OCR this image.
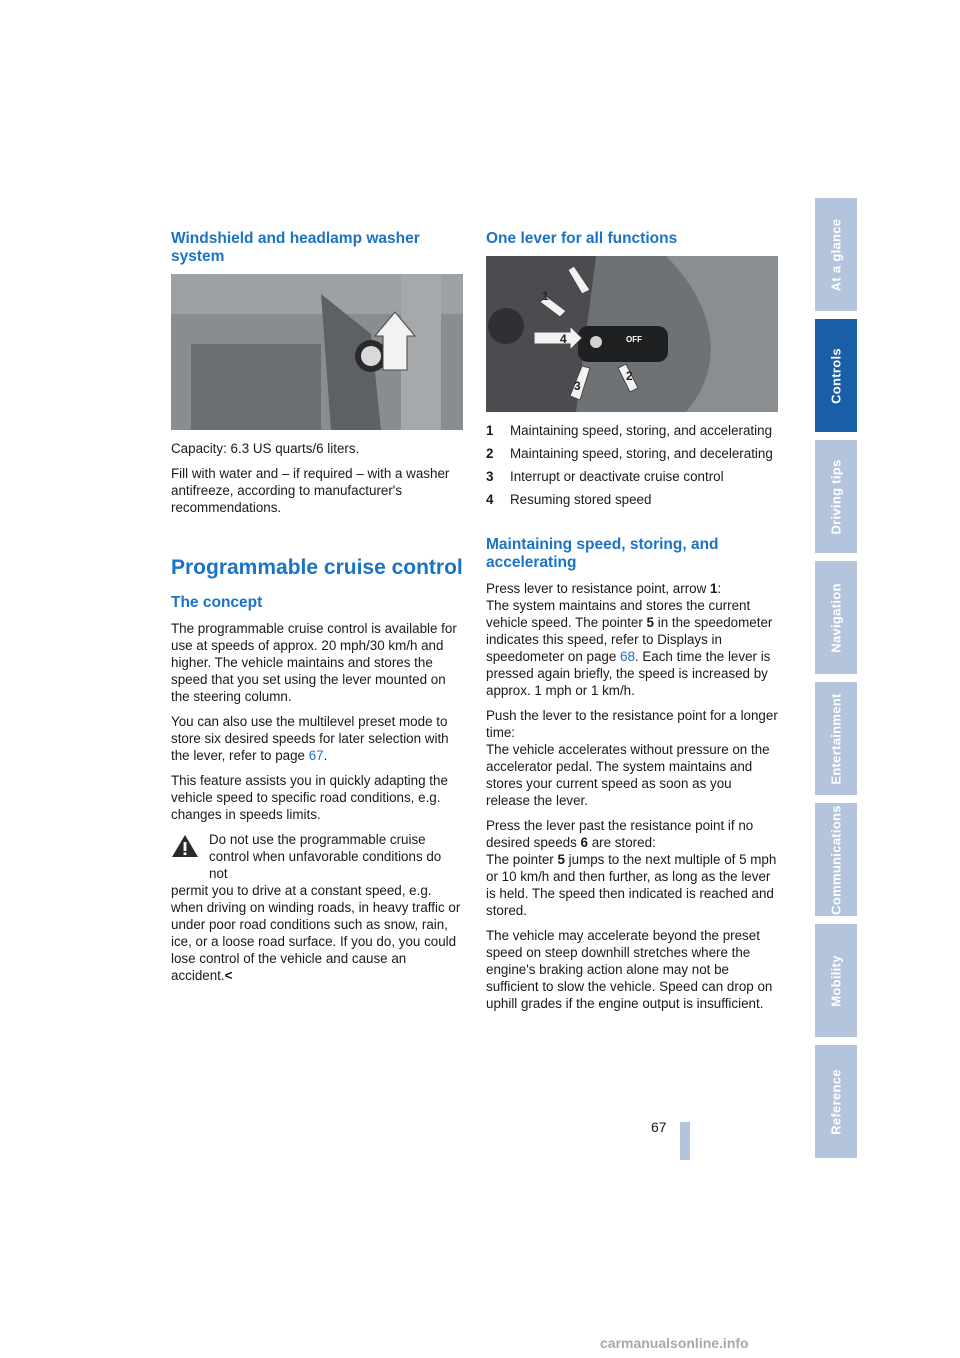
Windshield and headlamp washer system

Capacity: 6.3 US quarts/6 liters.

Fill with water and – if required – with a washer antifreeze, according to manufacturer's recommendations.

Programmable cruise control
The concept

The programmable cruise control is available for use at speeds of approx. 20 mph/30 km/h and higher. The vehicle maintains and stores the speed that you set using the lever mounted on the steering column.

You can also use the multilevel preset mode to store six desired speeds for later selection with the lever, refer to page 67.

This feature assists you in quickly adapting the vehicle speed to specific road conditions, e.g. changes in speeds limits.

Do not use the programmable cruise control when unfavorable conditions do not
permit you to drive at a constant speed, e.g. when driving on winding roads, in heavy traffic or under poor road conditions such as snow, rain, ice, or a loose road surface. If you do, you could lose control of the vehicle and cause an accident.<
One lever for all functions
OFF
1
4
3
2
1	Maintaining speed, storing, and accelerating
2	Maintaining speed, storing, and decelerating
3	Interrupt or deactivate cruise control
4	Resuming stored speed
Maintaining speed, storing, and accelerating

Press lever to resistance point, arrow 1:
The system maintains and stores the current vehicle speed. The pointer 5 in the speedometer indicates this speed, refer to Displays in speedometer on page 68. Each time the lever is pressed again briefly, the speed is increased by approx. 1 mph or 1 km/h.

Push the lever to the resistance point for a longer time:
The vehicle accelerates without pressure on the accelerator pedal. The system maintains and stores your current speed as soon as you release the lever.

Press the lever past the resistance point if no desired speeds 6 are stored:
The pointer 5 jumps to the next multiple of 5 mph or 10 km/h and then further, as long as the lever is held. The speed then indicated is reached and stored.

The vehicle may accelerate beyond the preset speed on steep downhill stretches where the engine's braking action alone may not be sufficient to slow the vehicle. Speed can drop on uphill grades if the engine output is insufficient.

At a glance
Controls
Driving tips
Navigation
Entertainment
Communications
Mobility
Reference
67
carmanualsonline.info
